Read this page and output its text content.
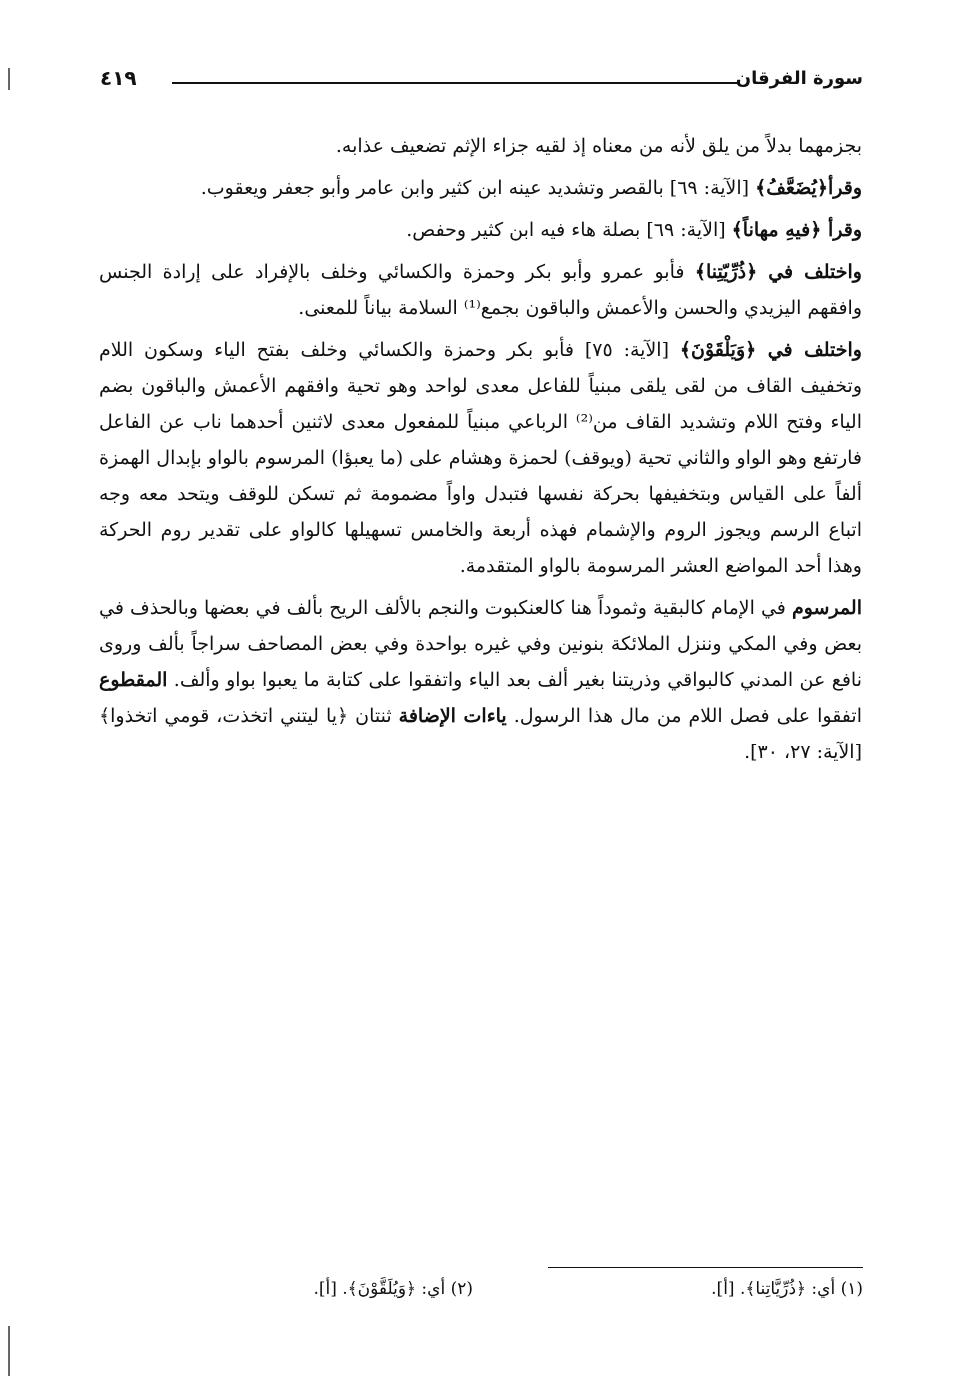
سورة الفرقان
٤١٩

بجزمهما بدلاً من يلق لأنه من معناه إذ لقيه جزاء الإثم تضعيف عذابه.

وقرأ﴿يُضَعَّفُ﴾ [الآية: ٦٩] بالقصر وتشديد عينه ابن كثير وابن عامر وأبو جعفر ويعقوب.

وقرأ ﴿فيهِ مهاناً﴾ [الآية: ٦٩] بصلة هاء فيه ابن كثير وحفص.

واختلف في ﴿ذُرِّيّتِنا﴾ فأبو عمرو وأبو بكر وحمزة والكسائي وخلف بالإفراد على إرادة الجنس وافقهم اليزيدي والحسن والأعمش والباقون بجمع⁽¹⁾ السلامة بياناً للمعنى.

واختلف في ﴿وَيَلْقَوْنَ﴾ [الآية: ٧٥] فأبو بكر وحمزة والكسائي وخلف بفتح الياء وسكون اللام وتخفيف القاف من لقى يلقى مبنياً للفاعل معدى لواحد وهو تحية وافقهم الأعمش والباقون بضم الياء وفتح اللام وتشديد القاف من⁽²⁾ الرباعي مبنياً للمفعول معدى لاثنين أحدهما ناب عن الفاعل فارتفع وهو الواو والثاني تحية (ويوقف) لحمزة وهشام على (ما يعبؤا) المرسوم بالواو بإبدال الهمزة ألفاً على القياس وبتخفيفها بحركة نفسها فتبدل واواً مضمومة ثم تسكن للوقف ويتحد معه وجه اتباع الرسم ويجوز الروم والإشمام فهذه أربعة والخامس تسهيلها كالواو على تقدير روم الحركة وهذا أحد المواضع العشر المرسومة بالواو المتقدمة.

المرسوم في الإمام كالبقية وثموداً هنا كالعنكبوت والنجم بالألف الريح بألف في بعضها وبالحذف في بعض وفي المكي وننزل الملائكة بنونين وفي غيره بواحدة وفي بعض المصاحف سراجاً بألف وروى نافع عن المدني كالبواقي وذريتنا بغير ألف بعد الياء واتفقوا على كتابة ما يعبوا بواو وألف. المقطوع اتفقوا على فصل اللام من مال هذا الرسول. ياءات الإضافة ثنتان ﴿يا ليتني اتخذت، قومي اتخذوا﴾ [الآية: ٢٧، ٣٠].

(١) أي: ﴿ذُرِّيَّاتِنا﴾. [أ].
(٢) أي: ﴿وَيُلَقَّوْنَ﴾. [أ].
